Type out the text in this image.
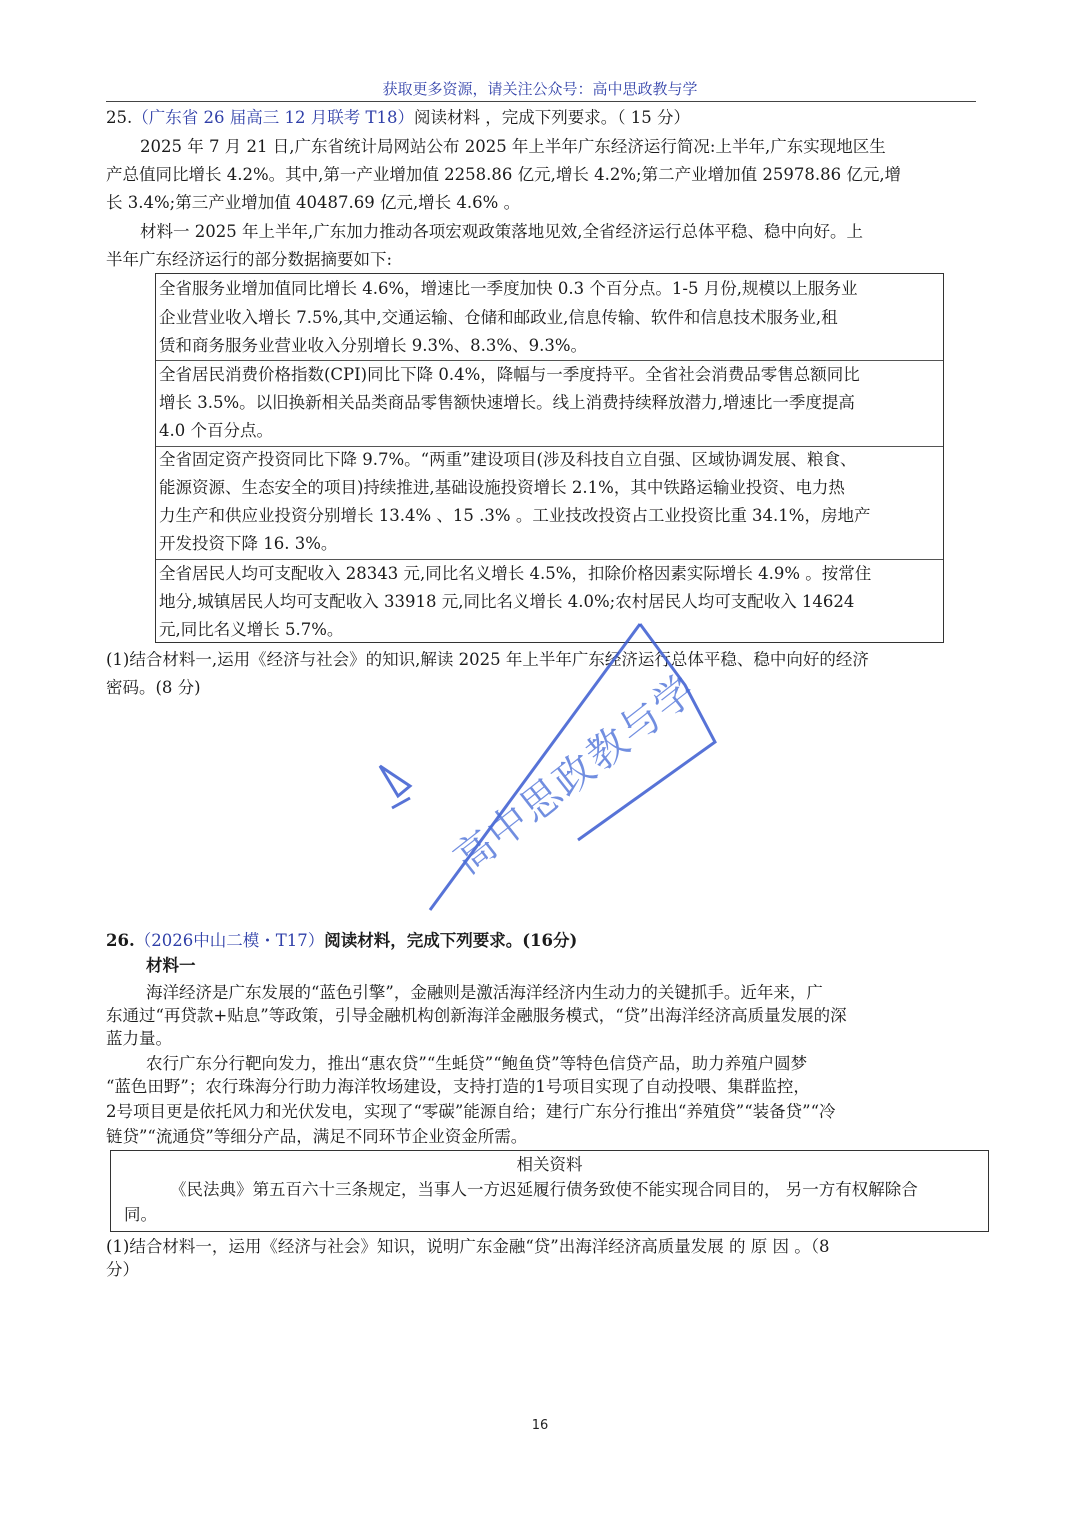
获取更多资源，请关注公众号：高中思政教与学
25.（广东省 26 届高三 12 月联考 T18）阅读材料 ，完成下列要求。（ 15 分）
2025 年 7 月 21 日,广东省统计局网站公布 2025 年上半年广东经济运行简况:上半年,广东实现地区生
产总值同比增长 4.2%。其中,第一产业增加值 2258.86 亿元,增长 4.2%;第二产业增加值 25978.86 亿元,增
长 3.4%;第三产业增加值 40487.69 亿元,增长 4.6% 。
材料一 2025 年上半年,广东加力推动各项宏观政策落地见效,全省经济运行总体平稳、稳中向好。上
半年广东经济运行的部分数据摘要如下:
全省服务业增加值同比增长 4.6%，增速比一季度加快 0.3 个百分点。1-5 月份,规模以上服务业
企业营业收入增长 7.5%,其中,交通运输、仓储和邮政业,信息传输、软件和信息技术服务业,租
赁和商务服务业营业收入分别增长 9.3%、8.3%、9.3%。
全省居民消费价格指数(CPI)同比下降 0.4%，降幅与一季度持平。全省社会消费品零售总额同比
增长 3.5%。以旧换新相关品类商品零售额快速增长。线上消费持续释放潜力,增速比一季度提高
4.0 个百分点。
全省固定资产投资同比下降 9.7%。“两重”建设项目(涉及科技自立自强、区域协调发展、粮食、
能源资源、生态安全的项目)持续推进,基础设施投资增长 2.1%，其中铁路运输业投资、电力热
力生产和供应业投资分别增长 13.4% 、15 .3% 。工业技改投资占工业投资比重 34.1%，房地产
开发投资下降 16. 3%。
全省居民人均可支配收入 28343 元,同比名义增长 4.5%，扣除价格因素实际增长 4.9% 。按常住
地分,城镇居民人均可支配收入 33918 元,同比名义增长 4.0%;农村居民人均可支配收入 14624
元,同比名义增长 5.7%。
(1)结合材料一,运用《经济与社会》的知识,解读 2025 年上半年广东经济运行总体平稳、稳中向好的经济
密码。(8 分)	高中思政教与学
26.（2026中山二模・T17）阅读材料，完成下列要求。(16分)
材料一
海洋经济是广东发展的“蓝色引擎”，金融则是激活海洋经济内生动力的关键抓手。近年来，广
东通过“再贷款+贴息”等政策，引导金融机构创新海洋金融服务模式，“贷”出海洋经济高质量发展的深
蓝力量。
农行广东分行靶向发力，推出“惠农贷”“生蚝贷”“鲍鱼贷”等特色信贷产品，助力养殖户圆梦
“蓝色田野”；农行珠海分行助力海洋牧场建设，支持打造的1号项目实现了自动投喂、集群监控，
2号项目更是依托风力和光伏发电，实现了“零碳”能源自给；建行广东分行推出“养殖贷”“装备贷”“冷
链贷”“流通贷”等细分产品，满足不同环节企业资金所需。
相关资料
《民法典》第五百六十三条规定，当事人一方迟延履行债务致使不能实现合同目的， 另一方有权解除合
同。
(1)结合材料一，运用《经济与社会》知识，说明广东金融“贷”出海洋经济高质量发展 的 原 因 。（8
分）
16
